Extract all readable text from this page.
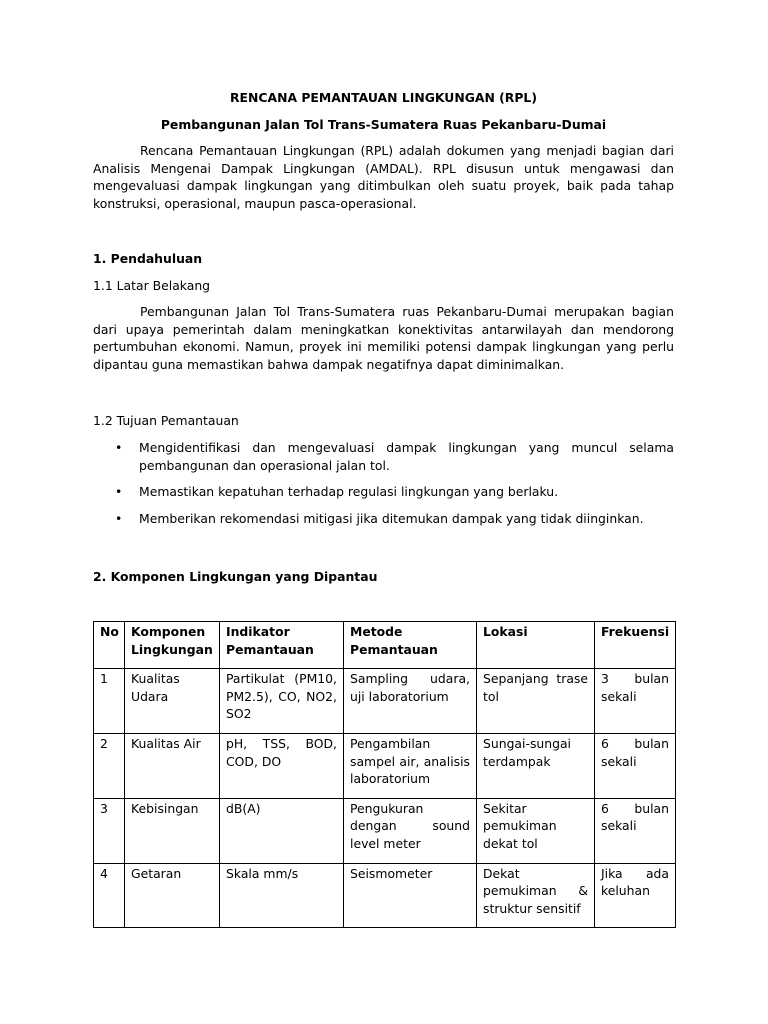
RENCANA PEMANTAUAN LINGKUNGAN (RPL)
Pembangunan Jalan Tol Trans-Sumatera Ruas Pekanbaru-Dumai
Rencana Pemantauan Lingkungan (RPL) adalah dokumen yang menjadi bagian dari Analisis Mengenai Dampak Lingkungan (AMDAL). RPL disusun untuk mengawasi dan mengevaluasi dampak lingkungan yang ditimbulkan oleh suatu proyek, baik pada tahap konstruksi, operasional, maupun pasca-operasional.
1. Pendahuluan
1.1 Latar Belakang
Pembangunan Jalan Tol Trans-Sumatera ruas Pekanbaru-Dumai merupakan bagian dari upaya pemerintah dalam meningkatkan konektivitas antarwilayah dan mendorong pertumbuhan ekonomi. Namun, proyek ini memiliki potensi dampak lingkungan yang perlu dipantau guna memastikan bahwa dampak negatifnya dapat diminimalkan.
1.2 Tujuan Pemantauan
• Mengidentifikasi dan mengevaluasi dampak lingkungan yang muncul selama pembangunan dan operasional jalan tol.
• Memastikan kepatuhan terhadap regulasi lingkungan yang berlaku.
• Memberikan rekomendasi mitigasi jika ditemukan dampak yang tidak diinginkan.
2. Komponen Lingkungan yang Dipantau
No	Komponen Lingkungan	Indikator Pemantauan	Metode Pemantauan	Lokasi	Frekuensi
1	Kualitas Udara	Partikulat (PM10, PM2.5), CO, NO2, SO2	Sampling udara, uji laboratorium	Sepanjang trase tol	3 bulan sekali
2	Kualitas Air	pH, TSS, BOD, COD, DO	Pengambilan sampel air, analisis laboratorium	Sungai-sungai terdampak	6 bulan sekali
3	Kebisingan	dB(A)	Pengukuran dengan sound level meter	Sekitar pemukiman dekat tol	6 bulan sekali
4	Getaran	Skala mm/s	Seismometer	Dekat pemukiman & struktur sensitif	Jika ada keluhan
